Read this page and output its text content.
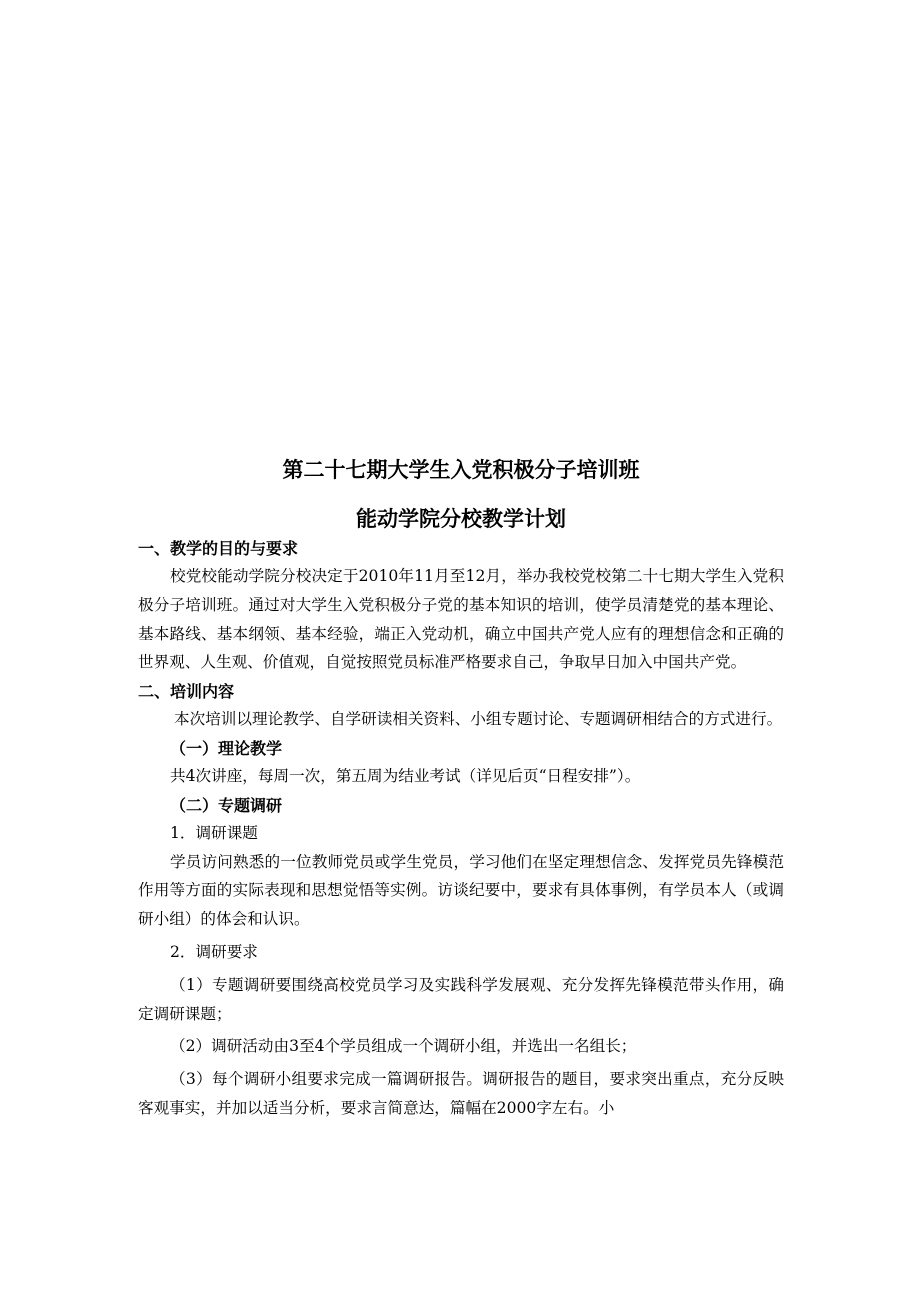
第二十七期大学生入党积极分子培训班

能动学院分校教学计划

一、教学的目的与要求

校党校能动学院分校决定于2010年11月至12月，举办我校党校第二十七期大学生入党积极分子培训班。通过对大学生入党积极分子党的基本知识的培训，使学员清楚党的基本理论、基本路线、基本纲领、基本经验，端正入党动机，确立中国共产党人应有的理想信念和正确的世界观、人生观、价值观，自觉按照党员标准严格要求自己，争取早日加入中国共产党。

二、培训内容

本次培训以理论教学、自学研读相关资料、小组专题讨论、专题调研相结合的方式进行。

（一）理论教学

共4次讲座，每周一次，第五周为结业考试（详见后页“日程安排”）。

（二）专题调研

1．调研课题

学员访问熟悉的一位教师党员或学生党员，学习他们在坚定理想信念、发挥党员先锋模范作用等方面的实际表现和思想觉悟等实例。访谈纪要中，要求有具体事例，有学员本人（或调研小组）的体会和认识。

2．调研要求

（1）专题调研要围绕高校党员学习及实践科学发展观、充分发挥先锋模范带头作用，确定调研课题；

（2）调研活动由3至4个学员组成一个调研小组，并选出一名组长；

（3）每个调研小组要求完成一篇调研报告。调研报告的题目，要求突出重点，充分反映客观事实，并加以适当分析，要求言简意达，篇幅在2000字左右。小
